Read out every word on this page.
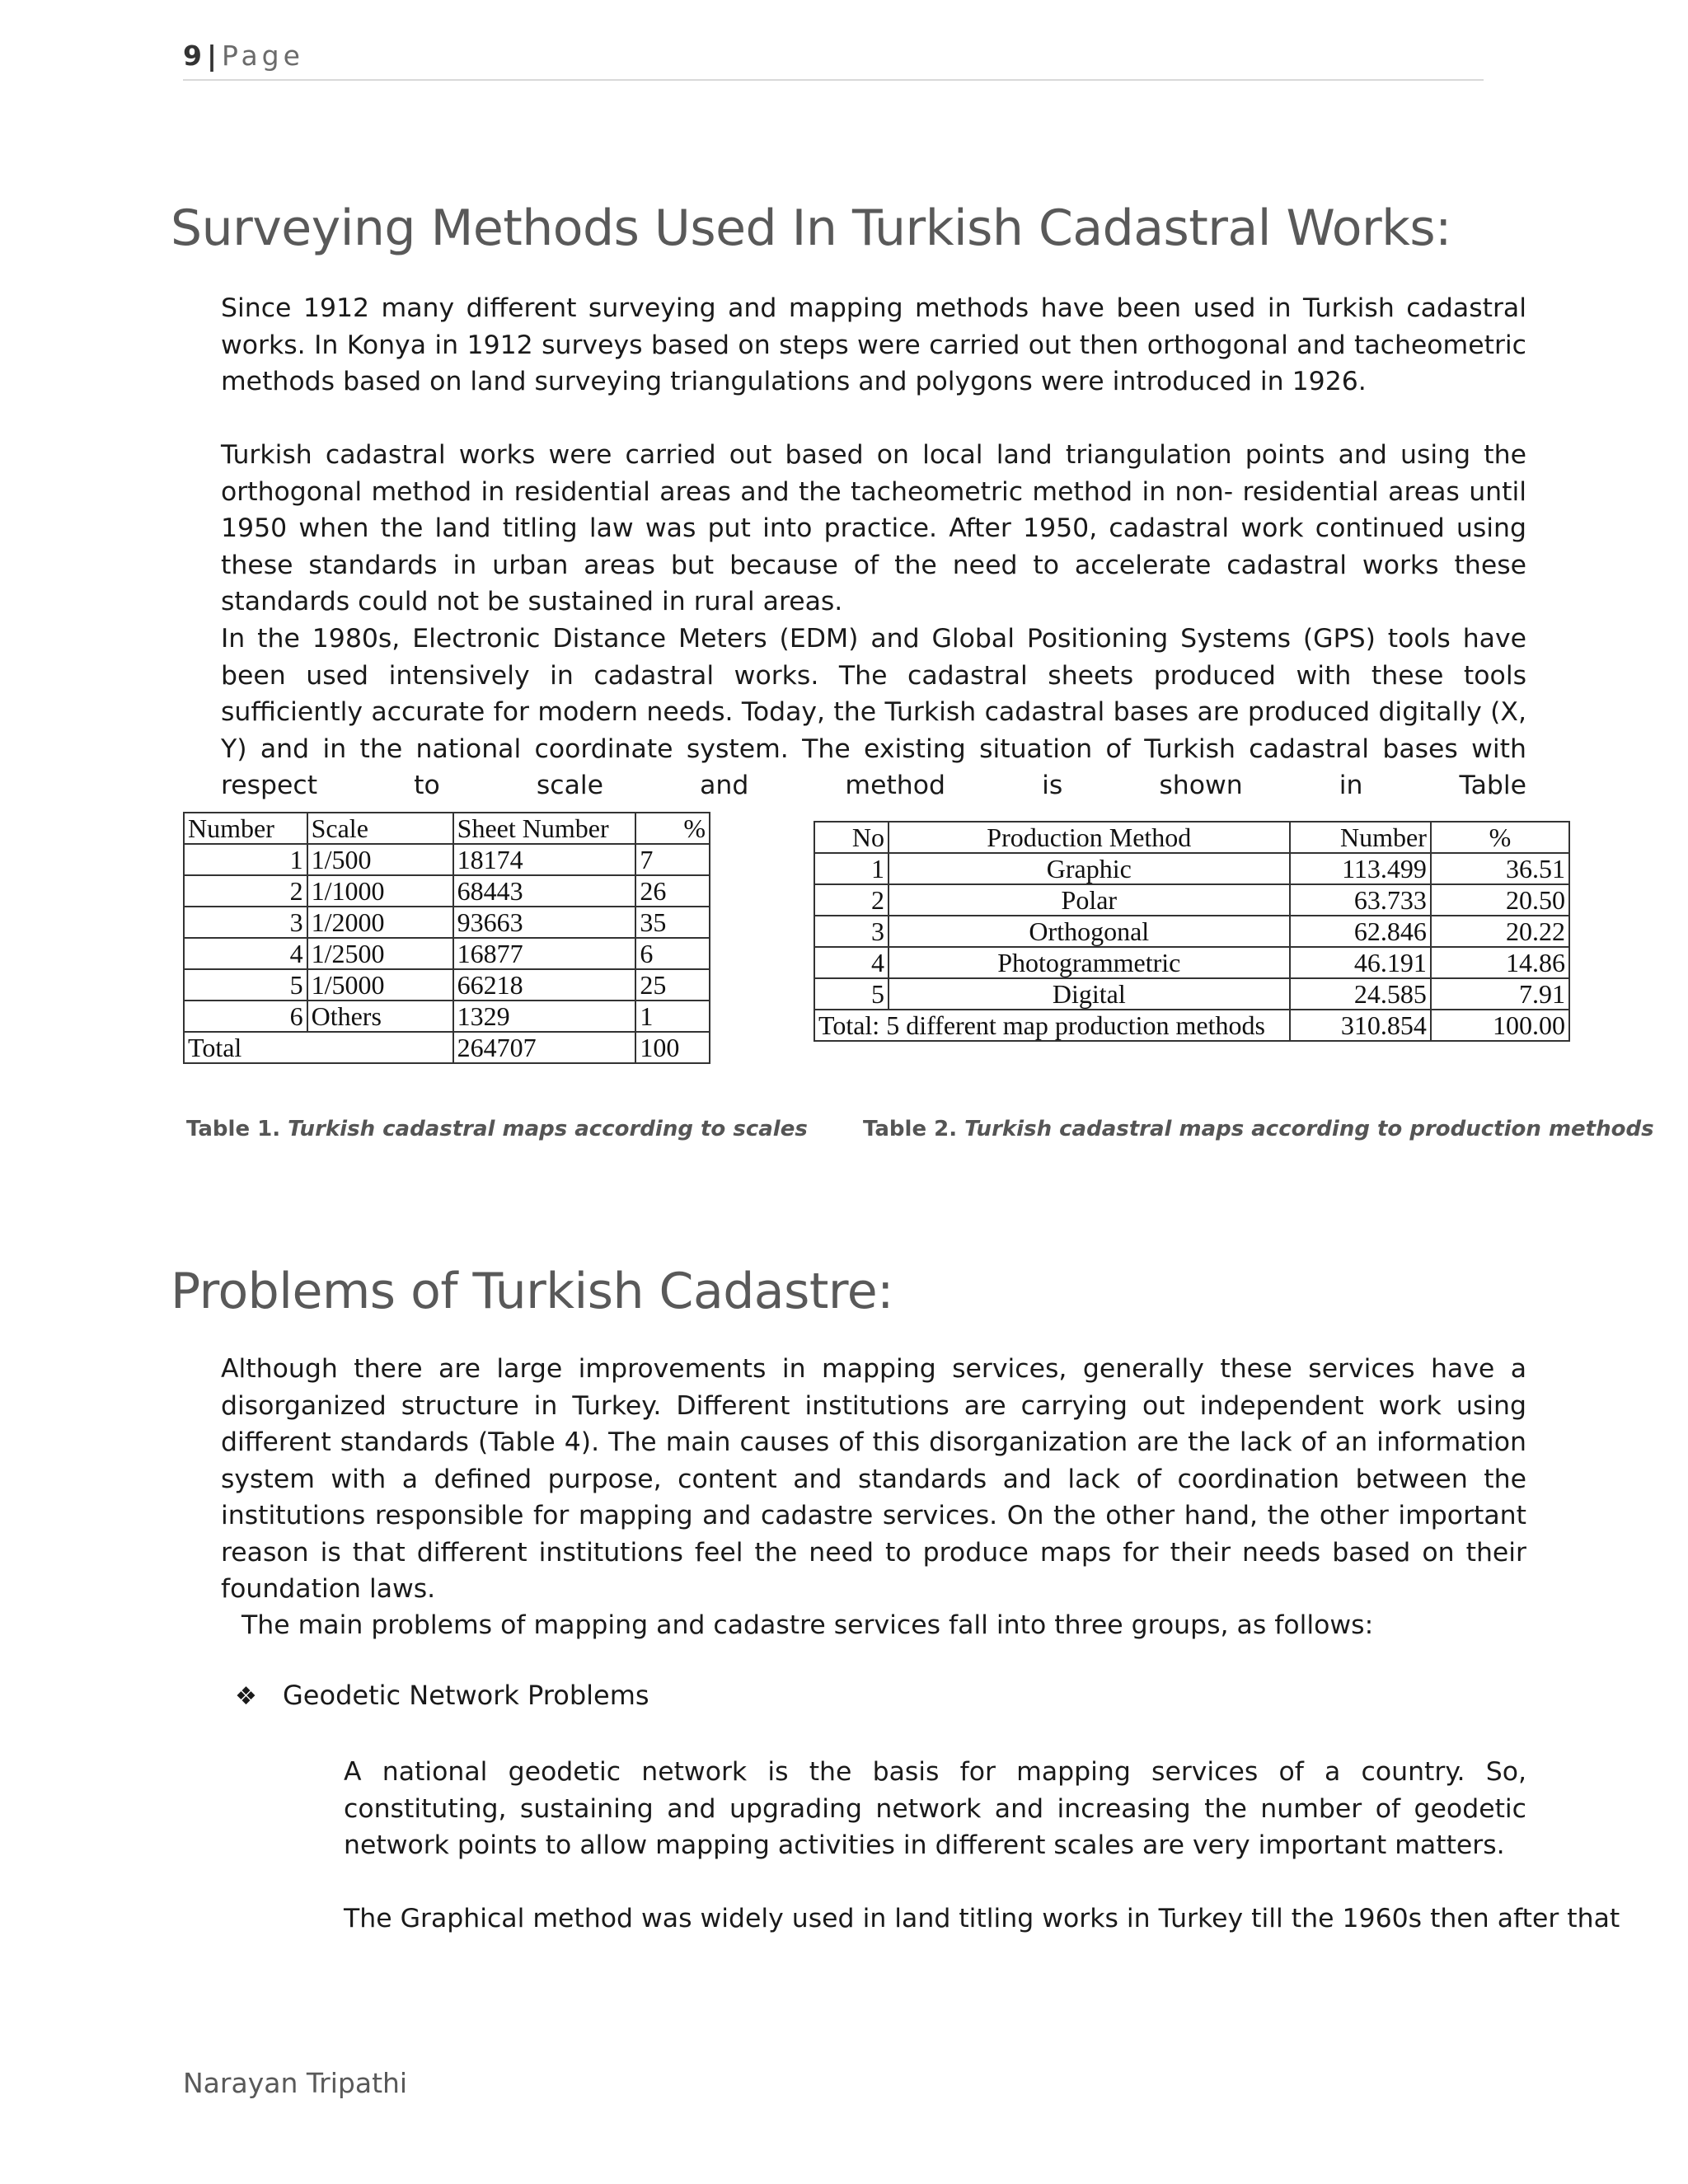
9 | Page
Surveying Methods Used In Turkish Cadastral Works:

Since 1912 many different surveying and mapping methods have been used in Turkish cadastral works. In Konya in 1912 surveys based on steps were carried out then orthogonal and tacheometric methods based on land surveying triangulations and polygons were introduced in 1926.

Turkish cadastral works were carried out based on local land triangulation points and using the orthogonal method in residential areas and the tacheometric method in non- residential areas until 1950 when the land titling law was put into practice. After 1950, cadastral work continued using these standards in urban areas but because of the need to accelerate cadastral works these standards could not be sustained in rural areas.

In the 1980s, Electronic Distance Meters (EDM) and Global Positioning Systems (GPS) tools have been used intensively in cadastral works. The cadastral sheets produced with these tools sufficiently accurate for modern needs. Today, the Turkish cadastral bases are produced digitally (X, Y) and in the national coordinate system. The existing situation of Turkish cadastral bases with respect to scale and method is shown in Table

Number	Scale	Sheet Number	%
1	1/500	18174	7
2	1/1000	68443	26
3	1/2000	93663	35
4	1/2500	16877	6
5	1/5000	66218	25
6	Others	1329	1
Total		264707	100
No	Production Method	Number	%
1	Graphic	113.499	36.51
2	Polar	63.733	20.50
3	Orthogonal	62.846	20.22
4	Photogrammetric	46.191	14.86
5	Digital	24.585	7.91
Total: 5 different map production methods		310.854	100.00
Table 1. Turkish cadastral maps according to scales	Table 2. Turkish cadastral maps according to production methods
Problems of Turkish Cadastre:

Although there are large improvements in mapping services, generally these services have a disorganized structure in Turkey. Different institutions are carrying out independent work using different standards (Table 4). The main causes of this disorganization are the lack of an information system with a defined purpose, content and standards and lack of coordination between the institutions responsible for mapping and cadastre services. On the other hand, the other important reason is that different institutions feel the need to produce maps for their needs based on their foundation laws.

The main problems of mapping and cadastre services fall into three groups, as follows:

❖ Geodetic Network Problems

A national geodetic network is the basis for mapping services of a country. So, constituting, sustaining and upgrading network and increasing the number of geodetic network points to allow mapping activities in different scales are very important matters.

The Graphical method was widely used in land titling works in Turkey till the 1960s then after that

Narayan Tripathi
